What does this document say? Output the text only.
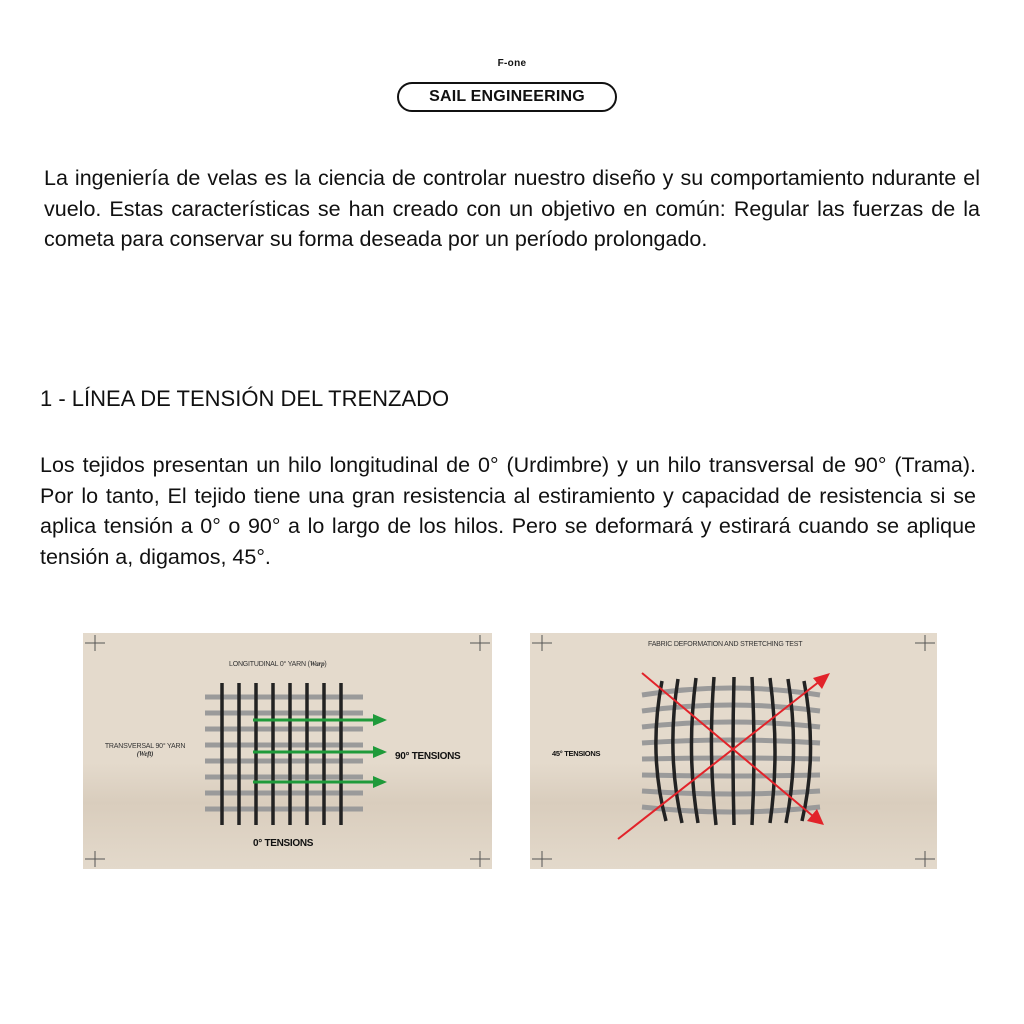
F-one
SAIL ENGINEERING

La ingeniería de velas es la ciencia de controlar nuestro diseño y su comportamiento ndurante el vuelo. Estas características se han creado con un objetivo en común: Regular las fuerzas de la cometa para conservar su forma deseada por un período prolongado.

1 - LÍNEA DE TENSIÓN DEL TRENZADO

Los tejidos presentan un hilo longitudinal de 0° (Urdimbre) y un hilo transversal de 90° (Trama). Por lo tanto, El tejido tiene una gran resistencia al estiramiento y capacidad de resistencia si se aplica tensión a 0° o 90° a lo largo de los hilos. Pero se deformará y estirará cuando se aplique tensión a, digamos, 45°.

LONGITUDINAL 0° YARN (Warp)
TRANSVERSAL 90° YARN
(Weft)	90° TENSIONS
0° TENSIONS
FABRIC DEFORMATION AND STRETCHING TEST
45° TENSIONS
